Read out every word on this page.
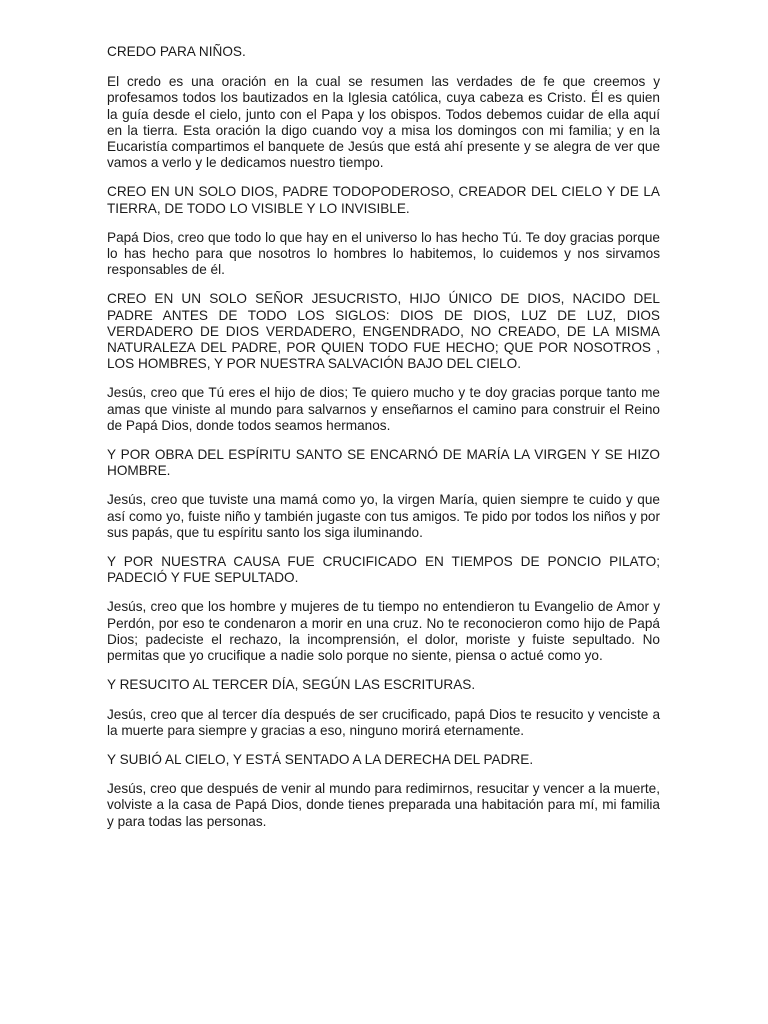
CREDO PARA NIÑOS.

El credo es una oración en la cual se resumen las verdades de fe que creemos y profesamos todos los bautizados en la Iglesia católica, cuya cabeza es Cristo. Él es quien la guía desde el cielo, junto con el Papa y los obispos. Todos debemos cuidar de ella aquí en la tierra. Esta oración la digo cuando voy a misa los domingos con mi familia; y en la Eucaristía compartimos el banquete de Jesús que está ahí presente y se alegra de ver que vamos a verlo y le dedicamos nuestro tiempo.

CREO EN UN SOLO DIOS, PADRE TODOPODEROSO, CREADOR DEL CIELO Y DE LA TIERRA, DE TODO LO VISIBLE Y LO INVISIBLE.

Papá Dios, creo que todo lo que hay en el universo lo has hecho Tú. Te doy gracias porque lo has hecho para que nosotros lo hombres lo habitemos, lo cuidemos y nos sirvamos responsables de él.

CREO EN UN SOLO SEÑOR JESUCRISTO, HIJO ÚNICO DE DIOS, NACIDO DEL PADRE ANTES DE TODO LOS SIGLOS: DIOS DE DIOS, LUZ DE LUZ, DIOS VERDADERO DE DIOS VERDADERO, ENGENDRADO, NO CREADO, DE LA MISMA NATURALEZA DEL PADRE, POR QUIEN TODO FUE HECHO; QUE POR NOSOTROS , LOS HOMBRES, Y POR NUESTRA SALVACIÓN BAJO DEL CIELO.

Jesús, creo que Tú eres el hijo de dios; Te quiero mucho y te doy gracias porque tanto me amas que viniste al mundo para salvarnos y enseñarnos el camino para construir el Reino de Papá Dios, donde todos seamos hermanos.

Y POR OBRA DEL ESPÍRITU SANTO SE ENCARNÓ DE MARÍA LA VIRGEN Y SE HIZO HOMBRE.

Jesús, creo que tuviste una mamá como yo, la virgen María, quien siempre te cuido y que así como yo, fuiste niño y también jugaste con tus amigos. Te pido por todos los niños y por sus papás, que tu espíritu santo los siga iluminando.

Y POR NUESTRA CAUSA FUE CRUCIFICADO EN TIEMPOS DE PONCIO PILATO; PADECIÓ Y FUE SEPULTADO.

Jesús, creo que los hombre y mujeres de tu tiempo no entendieron tu Evangelio de Amor y Perdón, por eso te condenaron a morir en una cruz. No te reconocieron como hijo de Papá Dios; padeciste el rechazo, la incomprensión, el dolor, moriste y fuiste sepultado. No permitas que yo crucifique a nadie solo porque no siente, piensa o actué como yo.

Y RESUCITO AL TERCER DÍA, SEGÚN LAS ESCRITURAS.

Jesús, creo que al tercer día después de ser crucificado, papá Dios te resucito y venciste a la muerte para siempre y gracias a eso, ninguno morirá eternamente.

Y SUBIÓ AL CIELO, Y ESTÁ SENTADO A LA DERECHA DEL PADRE.

Jesús, creo que después de venir al mundo para redimirnos, resucitar y vencer a la muerte, volviste a la casa de Papá Dios, donde tienes preparada una habitación para mí, mi familia y para todas las personas.
